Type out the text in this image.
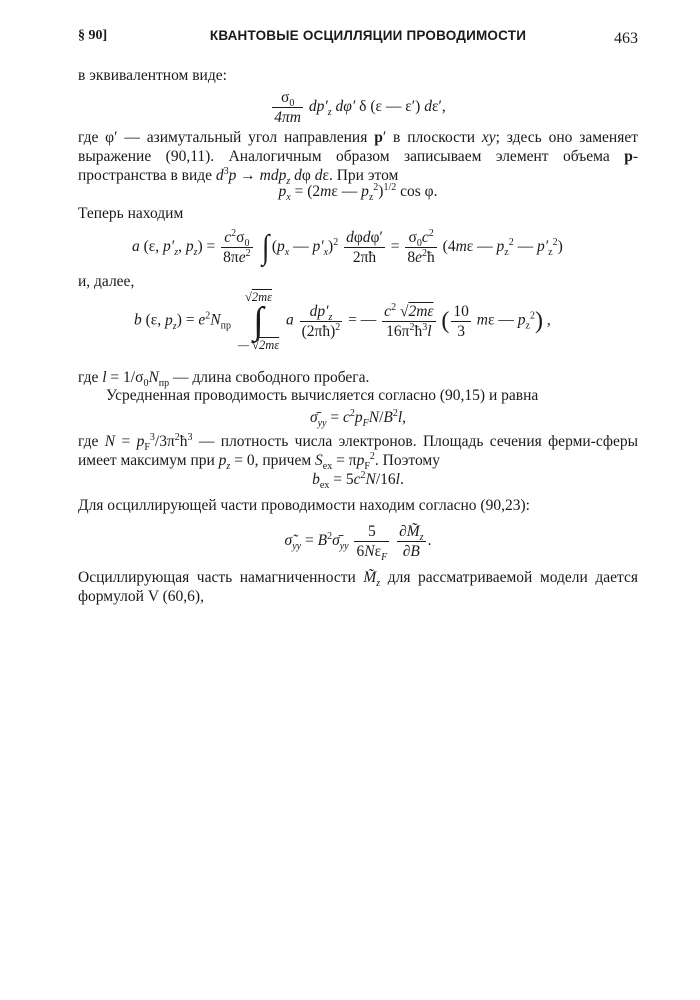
§ 90]	КВАНТОВЫЕ ОСЦИЛЛЯЦИИ ПРОВОДИМОСТИ	463
в эквивалентном виде:
$\frac{\sigma_0}{4\pi m} dp'_z$ dφ′ δ (ε — ε′) dε′,
где φ′ — азимутальный угол направления p′ в плоскости xy; здесь оно заменяет выражение (90,11). Аналогичным образом записываем элемент объема p-пространства в виде $d^3p \to mdp_z$ dφ dε. При этом
$p_x = (2m\varepsilon$ — $p_z^2)^{1/2}$ cos φ.
Теперь находим
a (ε, $p'_z$, $p_z) = \frac{c^2\sigma_0}{8\pi e^2}$ ∫ ($p_x$ — $p'_x)^2 \frac{\text{dφdφ′}}{2\pi ħ} = \frac{\sigma_0c^2}{8e^2ħ} (4m\varepsilon$ — $p_z^2$ — $p'_z^2$)
и, далее,
b (ε, $p_z) = e^2N_{пр}$
√2mε
∫
— √2mε
a $\frac{dp'_z}{(2\pi ħ)^2}$ = — $\frac{c^2 √2m\varepsilon}{16\pi^2ħ^3l}$ ( $\frac{10}{3}$ mε — $p_z^2$) ,
где $l = 1/\sigma_0N_{пр}$ — длина свободного пробега.
Усредненная проводимость вычисляется согласно (90,15) и равна
$\sigmā_{yy} = c^2p_FN/B^2l$,
где $N = p_F^3/3\pi^2ħ^3$ — плотность числа электронов. Площадь сечения ферми-сферы имеет максимум при $p_z = 0$, причем $S_{ex} = \pi p_F^2$. Поэтому
$b_{ex} = 5c^2N/16l$.
Для осциллирующей части проводимости находим согласно (90,23):
$\sigmã_{yy}$ = $B^2\sigmā_{yy} \frac{5}{6N\varepsilon_F}$
$\frac{\partial M̃_z}{\partial B}$ .
Осциллирующая часть намагниченности $M̃_z$ для рассматриваемой модели дается формулой V (60,6),
